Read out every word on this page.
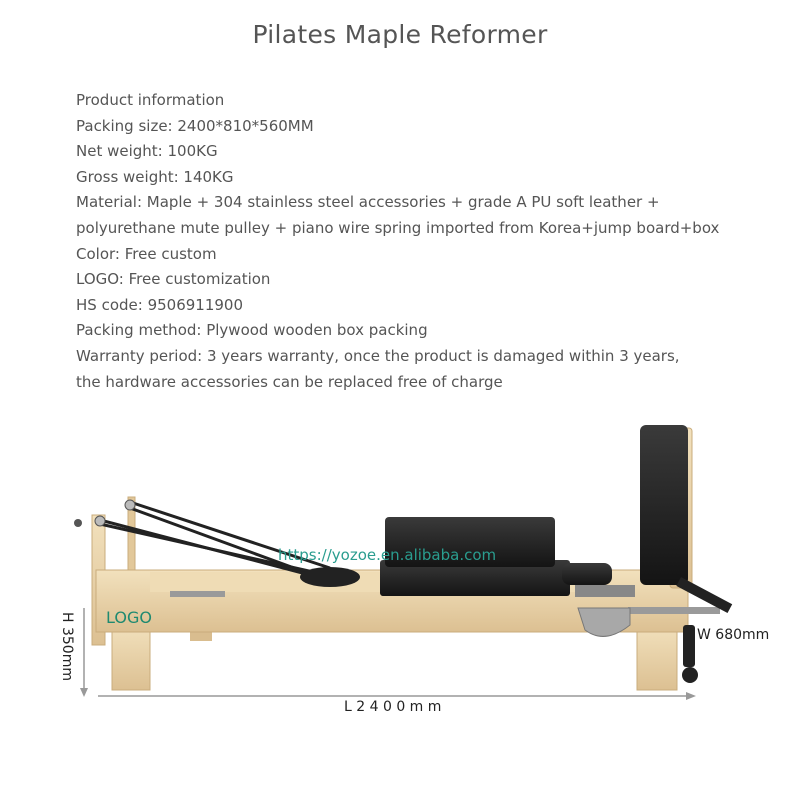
Pilates Maple Reformer
Product information
Packing size: 2400*810*560MM
Net weight: 100KG
Gross weight: 140KG
Material: Maple + 304 stainless steel accessories + grade A PU soft leather +
polyurethane mute pulley + piano wire spring imported from Korea+jump board+box
Color: Free custom
LOGO: Free customization
HS code: 9506911900
Packing method: Plywood wooden box packing
Warranty period: 3 years warranty, once the product is damaged within 3 years,
the hardware accessories can be replaced free of charge
LOGO
https://yozoe.en.alibaba.com
W 680mm
L 2 4 0 0 m m
H 350mm
